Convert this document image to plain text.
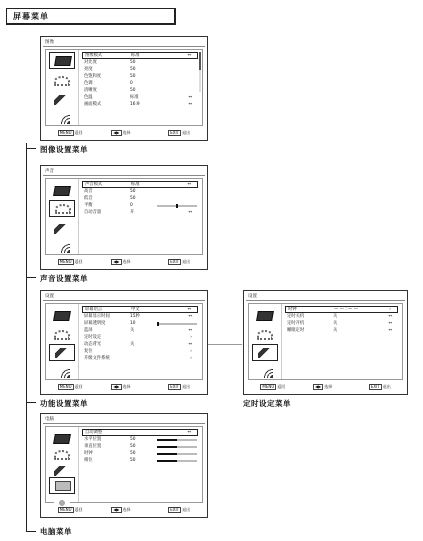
屏幕菜单
图像
图像模式	标准	↔
对比度	50
亮度	50
色饱和度	50
色调	0
清晰度	50
色温	标准	↔
画面模式	16:9	↔
MENU 返回	◀▶ 选择	EXIT 退出
图像设置菜单
声音
声音模式	标准	↔
高音	50
低音	50
平衡	0
自动音量	开	↔
MENU 返回	◀▶ 选择	EXIT 退出
声音设置菜单
设置
屏幕语言	中文	↔
屏幕显示时间	15秒	↔
屏幕透明度	10
蓝屏	关	↔
定时设定	›
动态背光	关	↔
复位	›
升级文件系统	›
MENU 返回	◀▶ 选择	EXIT 退出
功能设置菜单
设置
时钟	— — : — —	›
定时关机	关	↔
定时开机	关	↔
睡眠定时	关	↔
MENU 返回	◀▶ 选择	EXIT 退出
定时设定菜单
电脑
自动调整	↔
水平位置	50
垂直位置	50
时钟	50
相位	50
MENU 返回	◀▶ 选择	EXIT 退出
电脑菜单
